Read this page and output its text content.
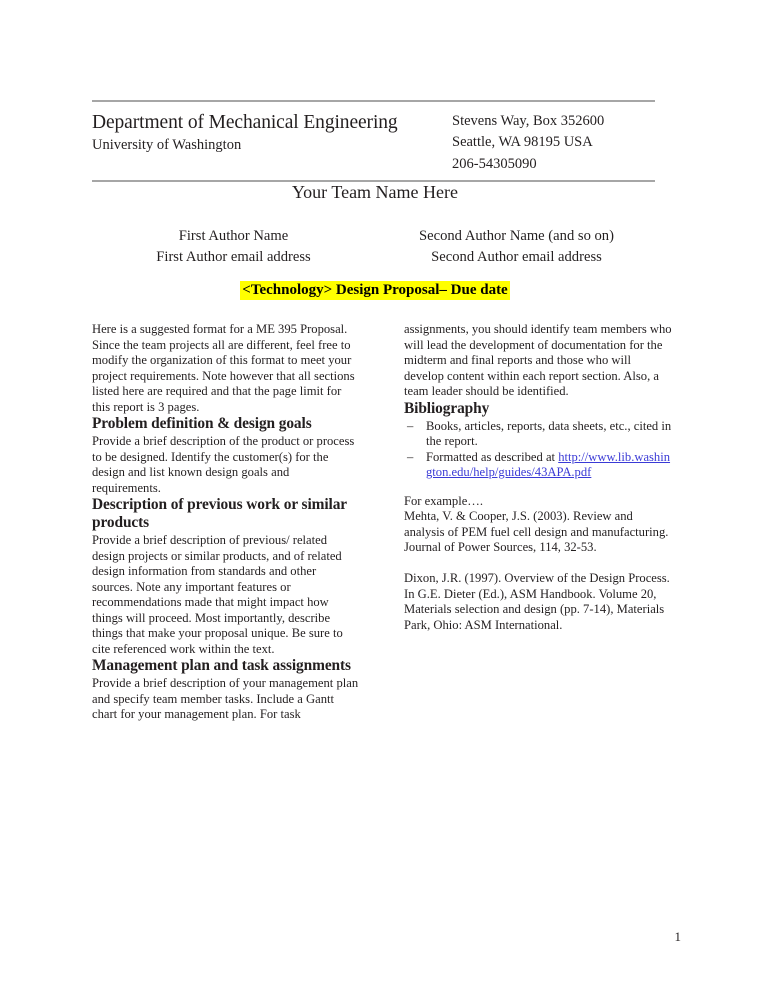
Department of Mechanical Engineering
University of Washington
Stevens Way, Box 352600
Seattle, WA 98195 USA
206-54305090
Your Team Name Here
First Author Name
First Author email address
Second Author Name (and so on)
Second Author email address
<Technology> Design Proposal– Due date

Here is a suggested format for a ME 395 Proposal. Since the team projects all are different, feel free to modify the organization of this format to meet your project requirements. Note however that all sections listed here are required and that the page limit for this report is 3 pages.

Problem definition & design goals

Provide a brief description of the product or process to be designed. Identify the customer(s) for the design and list known design goals and requirements.

Description of previous work or similar products

Provide a brief description of previous/ related design projects or similar products, and of related design information from standards and other sources. Note any important features or recommendations made that might impact how things will proceed. Most importantly, describe things that make your proposal unique. Be sure to cite referenced work within the text.

Management plan and task assignments

Provide a brief description of your management plan and specify team member tasks. Include a Gantt chart for your management plan. For task

assignments, you should identify team members who will lead the development of documentation for the midterm and final reports and those who will develop content within each report section. Also, a team leader should be identified.

Bibliography
– Books, articles, reports, data sheets, etc., cited in the report.
– Formatted as described at http://www.lib.washington.edu/help/guides/43APA.pdf
For example….
Mehta, V. & Cooper, J.S. (2003). Review and analysis of PEM fuel cell design and manufacturing. Journal of Power Sources, 114, 32-53.
Dixon, J.R. (1997). Overview of the Design Process. In G.E. Dieter (Ed.), ASM Handbook. Volume 20, Materials selection and design (pp. 7-14), Materials Park, Ohio: ASM International.
1
